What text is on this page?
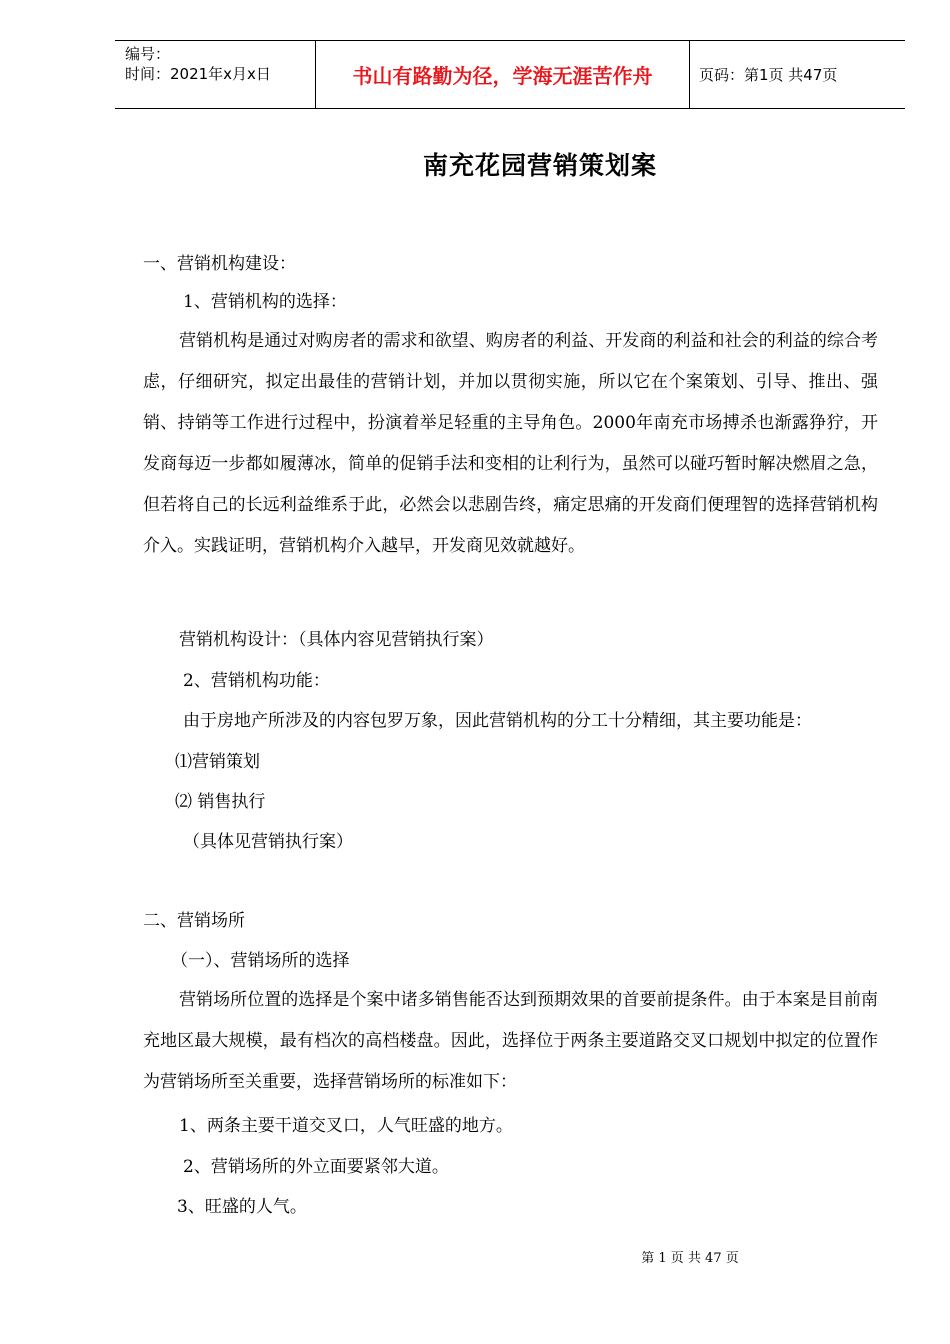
编号：
时间：2021年x月x日	书山有路勤为径，学海无涯苦作舟	页码：第1页 共47页
南充花园营销策划案
一、营销机构建设：
1、营销机构的选择：
营销机构是通过对购房者的需求和欲望、购房者的利益、开发商的利益和社会的利益的综合考虑，仔细研究，拟定出最佳的营销计划，并加以贯彻实施，所以它在个案策划、引导、推出、强销、持销等工作进行过程中，扮演着举足轻重的主导角色。2000年南充市场搏杀也渐露狰狞，开发商每迈一步都如履薄冰，简单的促销手法和变相的让利行为，虽然可以碰巧暂时解决燃眉之急，但若将自己的长远利益维系于此，必然会以悲剧告终，痛定思痛的开发商们便理智的选择营销机构介入。实践证明，营销机构介入越早，开发商见效就越好。
营销机构设计：（具体内容见营销执行案）
2、营销机构功能：
由于房地产所涉及的内容包罗万象，因此营销机构的分工十分精细，其主要功能是：
⑴营销策划
⑵ 销售执行
（具体见营销执行案）
二、营销场所
（一）、营销场所的选择
营销场所位置的选择是个案中诸多销售能否达到预期效果的首要前提条件。由于本案是目前南充地区最大规模，最有档次的高档楼盘。因此，选择位于两条主要道路交叉口规划中拟定的位置作为营销场所至关重要，选择营销场所的标准如下：
1、两条主要干道交叉口，人气旺盛的地方。
2、营销场所的外立面要紧邻大道。
3、旺盛的人气。
第 1 页 共 47 页
